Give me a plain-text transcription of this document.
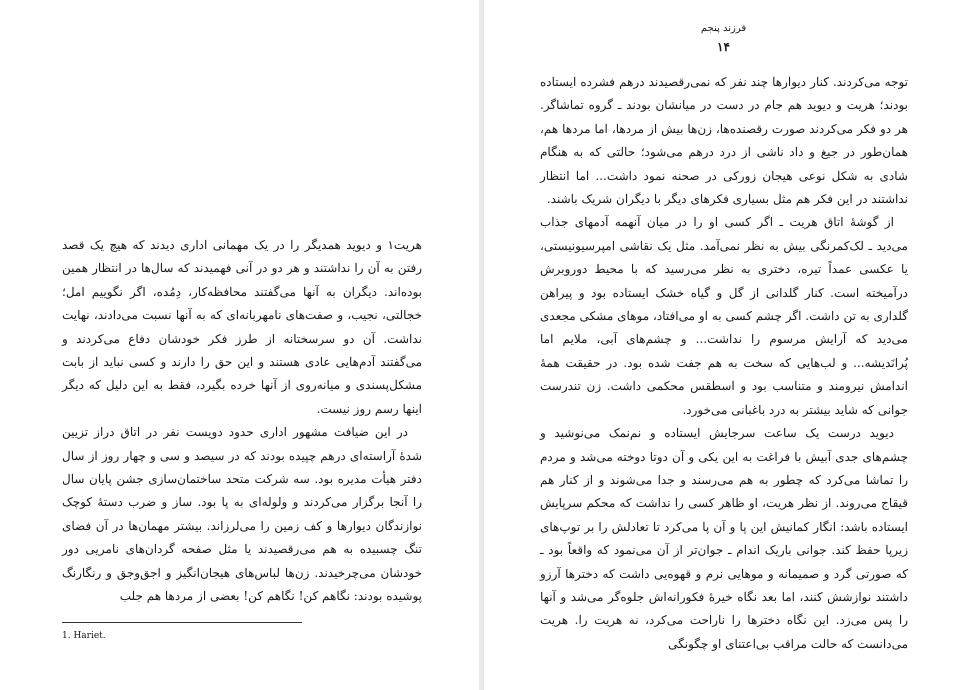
هریت۱ و دیوید همدیگر را در یک مهمانی اداری دیدند که هیچ یک قصد رفتن به آن را نداشتند و هر دو در آنی فهمیدند که سال‌ها در انتظار همین بوده‌اند. دیگران به آنها می‌گفتند محافظه‌کار، دِمُده، اگر نگوییم امل؛ خجالتی، نجیب، و صفت‌های نامهربانه‌ای که به آنها نسبت می‌دادند، نهایت نداشت. آن دو سرسختانه از طرز فکر خودشان دفاع می‌کردند و می‌گفتند آدم‌هایی عادی هستند و این حق را دارند و کسی نباید از بابت مشکل‌پسندی و میانه‌روی از آنها خرده بگیرد، فقط به این دلیل که دیگر اینها رسم روز نیست.

در این ضیافت مشهور اداری حدود دویست نفر در اتاق دراز تزیین شدهٔ آراسته‌ای درهم چپیده بودند که در سیصد و سی و چهار روز از سال دفتر هیأت مدیره بود. سه شرکت متحد ساختمان‌سازی جشن پایان سال را آنجا برگزار می‌کردند و ولوله‌ای به پا بود. ساز و ضرب دستهٔ کوچک نوازندگان دیوارها و کف زمین را می‌لرزاند. بیشتر مهمان‌ها در آن فضای تنگ چسبیده به هم می‌رقصیدند یا مثل صفحه گردان‌های نامریی دور خودشان می‌چرخیدند. زن‌ها لباس‌های هیجان‌انگیز و اجق‌وجق و رنگارنگ پوشیده بودند: نگاهم کن! نگاهم کن! بعضی از مردها هم جلب

1. Hariet.
فرزند پنجم
۱۴

توجه می‌کردند. کنار دیوارها چند نفر که نمی‌رقصیدند درهم فشرده ایستاده بودند؛ هریت و دیوید هم جام در دست در میانشان بودند ـ گروه تماشاگر. هر دو فکر می‌کردند صورت رقصنده‌ها، زن‌ها بیش از مردها، اما مردها هم، همان‌طور در جیغ و داد ناشی از درد درهم می‌شود؛ حالتی که به هنگام شادی به شکل نوعی هیجان زورکی در صحنه نمود داشت... اما انتظار نداشتند در این فکر هم مثل بسیاری فکرهای دیگر با دیگران شریک باشند.

از گوشهٔ اتاق هریت ـ اگر کسی او را در میان آنهمه آدمهای جذاب می‌دید ـ لک‌کمرنگی بیش به نظر نمی‌آمد. مثل یک نقاشی امپرسیونیستی، یا عکسی عمداً تیره، دختری به نظر می‌رسید که با محیط دوروبرش درآمیخته است. کنار گلدانی از گل و گیاه خشک ایستاده بود و پیراهن گلداری به تن داشت. اگر چشم کسی به او می‌افتاد، موهای مشکی مجعدی می‌دید که آرایش مرسوم را نداشت... و چشم‌های آبی، ملایم اما پُرانَدیشه... و لب‌هایی که سخت به هم جفت شده بود. در حقیقت همهٔ اندامش نیرومند و متناسب بود و اسطقس محکمی داشت. زن تندرست جوانی که شاید بیشتر به درد باغبانی می‌خورد.

دیوید درست یک ساعت سرجایش ایستاده و نم‌نمک می‌نوشید و چشم‌های جدی آبیش با فراغت به این یکی و آن دوتا دوخته می‌شد و مردم را تماشا می‌کرد که چطور به هم می‌رسند و جدا می‌شوند و از کنار هم قیقاج می‌روند. از نظر هریت، او ظاهر کسی را نداشت که محکم سرپایش ایستاده باشد: انگار کمانیش این پا و آن پا می‌کرد تا تعادلش را بر توپ‌های زیرپا حفظ کند. جوانی باریک اندام ـ جوان‌تر از آن می‌نمود که واقعاً بود ـ که صورتی گرد و صمیمانه و موهایی نرم و قهوه‌یی داشت که دخترها آرزو داشتند نوازشش کنند، اما بعد نگاه خیرهٔ فکورانه‌اش جلوه‌گر می‌شد و آنها را پس می‌زد. این نگاه دخترها را ناراحت می‌کرد، نه هریت را. هریت می‌دانست که حالت مراقب بی‌اعتنای او چگونگی
